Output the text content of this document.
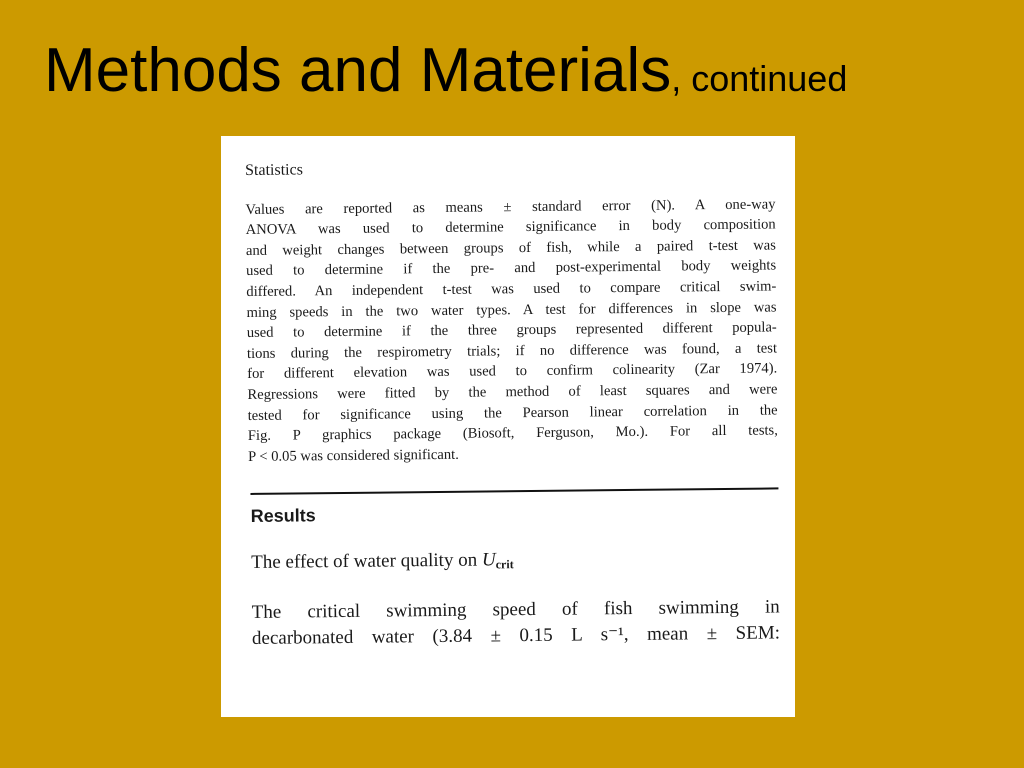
Methods and Materials, continued
Statistics
Values are reported as means ± standard error (N). A one-way
ANOVA was used to determine significance in body composition
and weight changes between groups of fish, while a paired t-test was
used to determine if the pre- and post-experimental body weights
differed. An independent t-test was used to compare critical swim-
ming speeds in the two water types. A test for differences in slope was
used to determine if the three groups represented different popula-
tions during the respirometry trials; if no difference was found, a test
for different elevation was used to confirm colinearity (Zar 1974).
Regressions were fitted by the method of least squares and were
tested for significance using the Pearson linear correlation in the
Fig. P graphics package (Biosoft, Ferguson, Mo.). For all tests,
P < 0.05 was considered significant.
Results
The effect of water quality on $U_{crit}$
The critical swimming speed of fish swimming in
decarbonated water (3.84 ± 0.15 L s⁻¹, mean ± SEM:
